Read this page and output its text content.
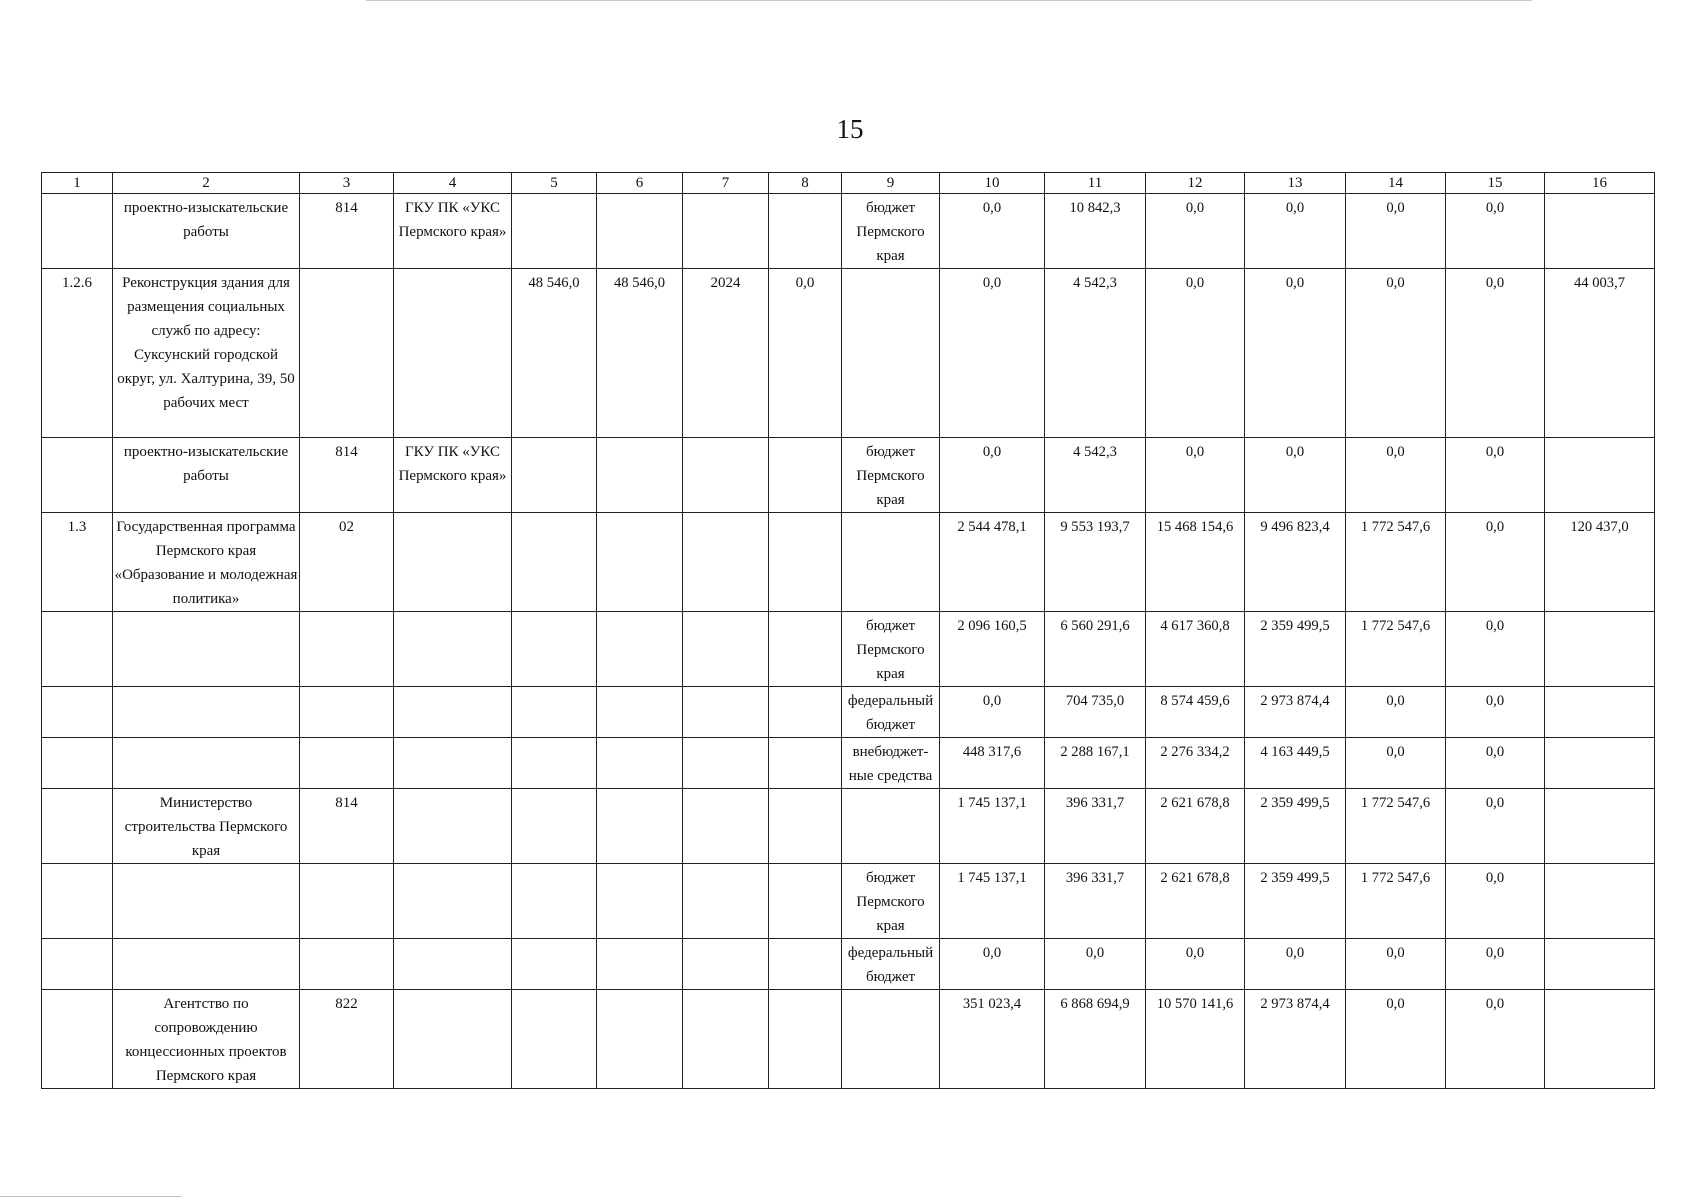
15
1	2	3	4	5	6	7	8	9	10	11	12	13	14	15	16
	проектно-изыскательские работы	814	ГКУ ПК «УКС Пермского края»					бюджет Пермского края	0,0	10 842,3	0,0	0,0	0,0	0,0	
1.2.6	Реконструкция здания для размещения социальных служб по адресу: Суксунский городской округ, ул. Халтурина, 39, 50 рабочих мест			48 546,0	48 546,0	2024	0,0		0,0	4 542,3	0,0	0,0	0,0	0,0	44 003,7
	проектно-изыскательские работы	814	ГКУ ПК «УКС Пермского края»					бюджет Пермского края	0,0	4 542,3	0,0	0,0	0,0	0,0	
1.3	Государственная программа Пермского края «Образование и молодежная политика»	02							2 544 478,1	9 553 193,7	15 468 154,6	9 496 823,4	1 772 547,6	0,0	120 437,0
								бюджет Пермского края	2 096 160,5	6 560 291,6	4 617 360,8	2 359 499,5	1 772 547,6	0,0	
								федеральный бюджет	0,0	704 735,0	8 574 459,6	2 973 874,4	0,0	0,0	
								внебюджет- ные средства	448 317,6	2 288 167,1	2 276 334,2	4 163 449,5	0,0	0,0	
	Министерство строительства Пермского края	814							1 745 137,1	396 331,7	2 621 678,8	2 359 499,5	1 772 547,6	0,0	
								бюджет Пермского края	1 745 137,1	396 331,7	2 621 678,8	2 359 499,5	1 772 547,6	0,0	
								федеральный бюджет	0,0	0,0	0,0	0,0	0,0	0,0	
	Агентство по сопровождению концессионных проектов Пермского края	822							351 023,4	6 868 694,9	10 570 141,6	2 973 874,4	0,0	0,0	
